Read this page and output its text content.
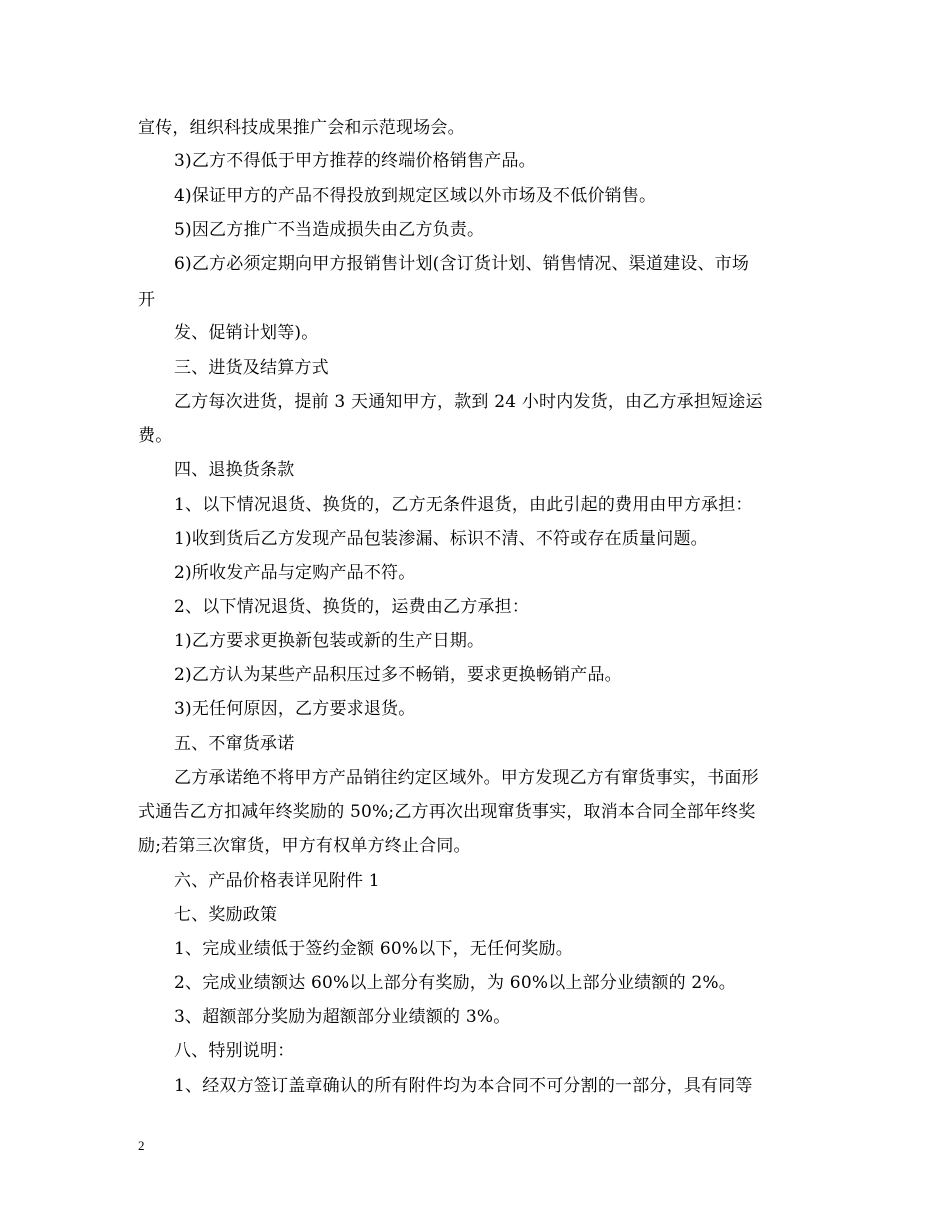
宣传，组织科技成果推广会和示范现场会。
3)乙方不得低于甲方推荐的终端价格销售产品。
4)保证甲方的产品不得投放到规定区域以外市场及不低价销售。
5)因乙方推广不当造成损失由乙方负责。
6)乙方必须定期向甲方报销售计划(含订货计划、销售情况、渠道建设、市场
开
发、促销计划等)。
三、进货及结算方式
乙方每次进货，提前 3 天通知甲方，款到 24 小时内发货，由乙方承担短途运
费。
四、退换货条款
1、以下情况退货、换货的，乙方无条件退货，由此引起的费用由甲方承担：
1)收到货后乙方发现产品包装渗漏、标识不清、不符或存在质量问题。
2)所收发产品与定购产品不符。
2、以下情况退货、换货的，运费由乙方承担：
1)乙方要求更换新包装或新的生产日期。
2)乙方认为某些产品积压过多不畅销，要求更换畅销产品。
3)无任何原因，乙方要求退货。
五、不窜货承诺
乙方承诺绝不将甲方产品销往约定区域外。甲方发现乙方有窜货事实，书面形
式通告乙方扣减年终奖励的 50%;乙方再次出现窜货事实，取消本合同全部年终奖
励;若第三次窜货，甲方有权单方终止合同。
六、产品价格表详见附件 1
七、奖励政策
1、完成业绩低于签约金额 60%以下，无任何奖励。
2、完成业绩额达 60%以上部分有奖励，为 60%以上部分业绩额的 2%。
3、超额部分奖励为超额部分业绩额的 3%。
八、特别说明：
1、经双方签订盖章确认的所有附件均为本合同不可分割的一部分，具有同等
2
